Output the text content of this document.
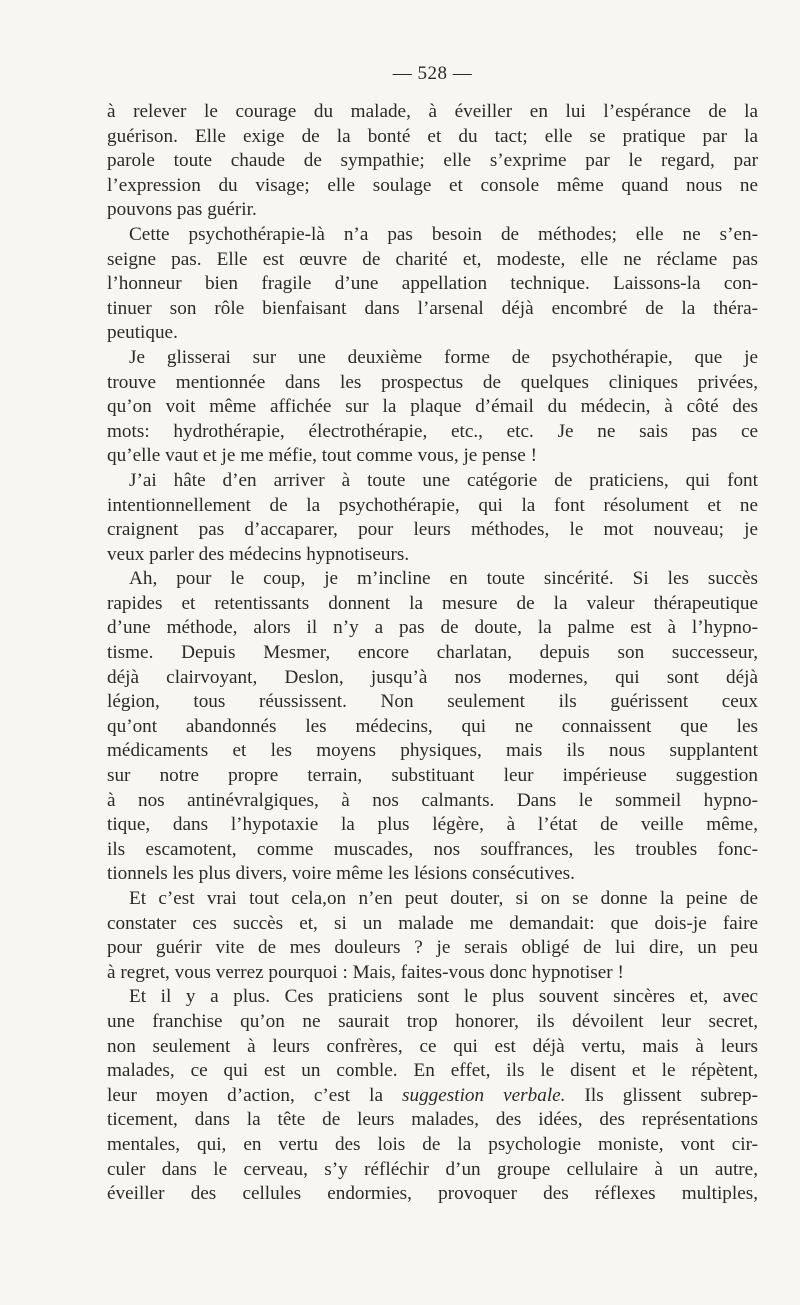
— 528 —
à relever le courage du malade, à éveiller en lui l’espérance de la
guérison. Elle exige de la bonté et du tact; elle se pratique par la
parole toute chaude de sympathie; elle s’exprime par le regard, par
l’expression du visage; elle soulage et console même quand nous ne
pouvons pas guérir.
Cette psychothérapie-là n’a pas besoin de méthodes; elle ne s’en-
seigne pas. Elle est œuvre de charité et, modeste, elle ne réclame pas
l’honneur bien fragile d’une appellation technique. Laissons-la con-
tinuer son rôle bienfaisant dans l’arsenal déjà encombré de la théra-
peutique.
Je glisserai sur une deuxième forme de psychothérapie, que je
trouve mentionnée dans les prospectus de quelques cliniques privées,
qu’on voit même affichée sur la plaque d’émail du médecin, à côté des
mots: hydrothérapie, électrothérapie, etc., etc. Je ne sais pas ce
qu’elle vaut et je me méfie, tout comme vous, je pense !
J’ai hâte d’en arriver à toute une catégorie de praticiens, qui font
intentionnellement de la psychothérapie, qui la font résolument et ne
craignent pas d’accaparer, pour leurs méthodes, le mot nouveau; je
veux parler des médecins hypnotiseurs.
Ah, pour le coup, je m’incline en toute sincérité. Si les succès
rapides et retentissants donnent la mesure de la valeur thérapeutique
d’une méthode, alors il n’y a pas de doute, la palme est à l’hypno-
tisme. Depuis Mesmer, encore charlatan, depuis son successeur,
déjà clairvoyant, Deslon, jusqu’à nos modernes, qui sont déjà
légion, tous réussissent. Non seulement ils guérissent ceux
qu’ont abandonnés les médecins, qui ne connaissent que les
médicaments et les moyens physiques, mais ils nous supplantent
sur notre propre terrain, substituant leur impérieuse suggestion
à nos antinévralgiques, à nos calmants. Dans le sommeil hypno-
tique, dans l’hypotaxie la plus légère, à l’état de veille même,
ils escamotent, comme muscades, nos souffrances, les troubles fonc-
tionnels les plus divers, voire même les lésions consécutives.
Et c’est vrai tout cela,on n’en peut douter, si on se donne la peine de
constater ces succès et, si un malade me demandait: que dois-je faire
pour guérir vite de mes douleurs ? je serais obligé de lui dire, un peu
à regret, vous verrez pourquoi : Mais, faites-vous donc hypnotiser !
Et il y a plus. Ces praticiens sont le plus souvent sincères et, avec
une franchise qu’on ne saurait trop honorer, ils dévoilent leur secret,
non seulement à leurs confrères, ce qui est déjà vertu, mais à leurs
malades, ce qui est un comble. En effet, ils le disent et le répètent,
leur moyen d’action, c’est la suggestion verbale. Ils glissent subrep-
ticement, dans la tête de leurs malades, des idées, des représentations
mentales, qui, en vertu des lois de la psychologie moniste, vont cir-
culer dans le cerveau, s’y réfléchir d’un groupe cellulaire à un autre,
éveiller des cellules endormies, provoquer des réflexes multiples,
